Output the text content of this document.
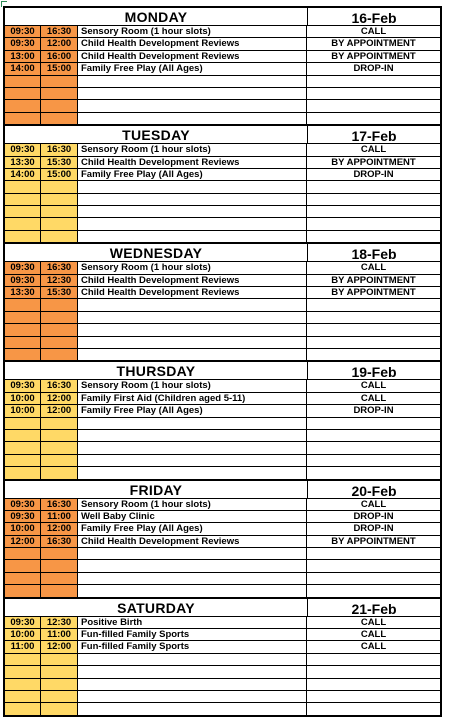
MONDAY	16-Feb
09:30	16:30	Sensory Room (1 hour slots)	CALL
09:30	12:00	Child Health Development Reviews	BY APPOINTMENT
13:00	16:00	Child Health Development Reviews	BY APPOINTMENT
14:00	15:00	Family Free Play (All Ages)	DROP-IN
TUESDAY	17-Feb
09:30	16:30	Sensory Room (1 hour slots)	CALL
13:30	15:30	Child Health Development Reviews	BY APPOINTMENT
14:00	15:00	Family Free Play (All Ages)	DROP-IN
WEDNESDAY	18-Feb
09:30	16:30	Sensory Room (1 hour slots)	CALL
09:30	12:30	Child Health Development Reviews	BY APPOINTMENT
13:30	15:30	Child Health Development Reviews	BY APPOINTMENT
THURSDAY	19-Feb
09:30	16:30	Sensory Room (1 hour slots)	CALL
10:00	12:00	Family First Aid (Children aged 5-11)	CALL
10:00	12:00	Family Free Play (All Ages)	DROP-IN
FRIDAY	20-Feb
09:30	16:30	Sensory Room (1 hour slots)	CALL
09:30	11:00	Well Baby Clinic	DROP-IN
10:00	12:00	Family Free Play (All Ages)	DROP-IN
12:00	16:30	Child Health Development Reviews	BY APPOINTMENT
SATURDAY	21-Feb
09:30	12:30	Positive Birth	CALL
10:00	11:00	Fun-filled Family Sports	CALL
11:00	12:00	Fun-filled Family Sports	CALL
